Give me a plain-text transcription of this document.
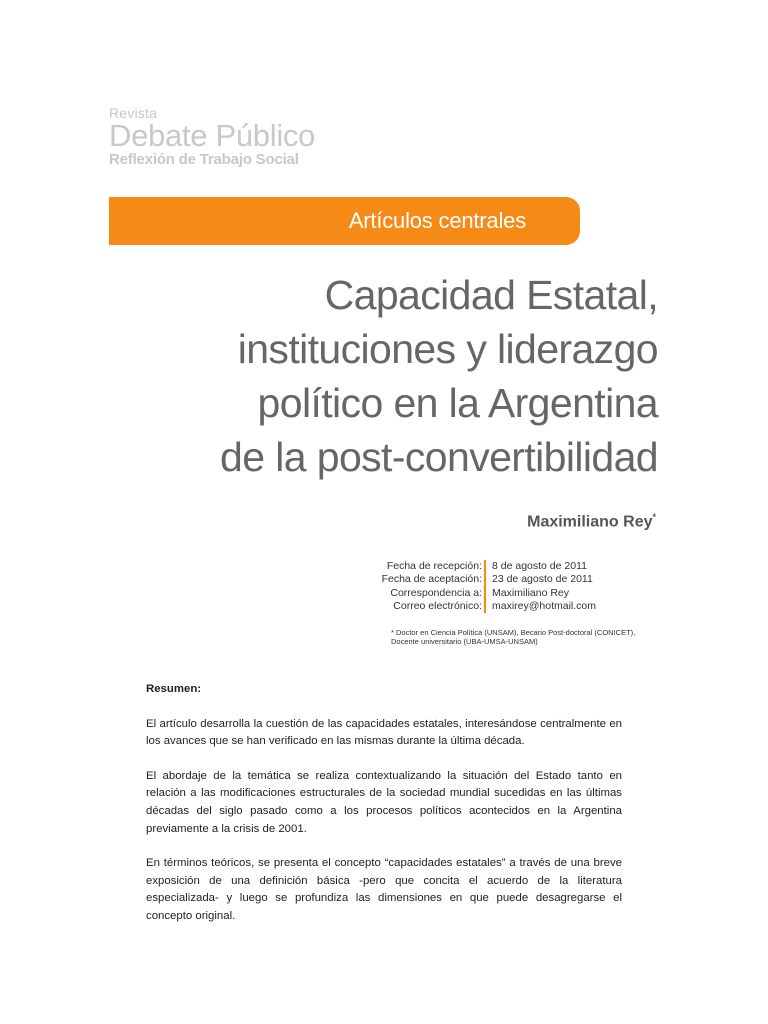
Revista
Debate Público
Reflexión de Trabajo Social
Artículos centrales
Capacidad Estatal,
instituciones y liderazgo
político en la Argentina
de la post-convertibilidad
Maximiliano Rey*
Fecha de recepción: 8 de agosto de 2011
Fecha de aceptación: 23 de agosto de 2011
Correspondencia a: Maximiliano Rey
Correo electrónico: maxirey@hotmail.com
* Doctor en Ciencia Política (UNSAM), Becario Post-doctoral (CONICET), Docente universitario (UBA-UMSA-UNSAM)
Resumen:

El artículo desarrolla la cuestión de las capacidades estatales, interesándose centralmente en los avances que se han verificado en las mismas durante la última década.

El abordaje de la temática se realiza contextualizando la situación del Estado tanto en relación a las modificaciones estructurales de la sociedad mundial sucedidas en las últimas décadas del siglo pasado como a los procesos políticos acontecidos en la Argentina previamente a la crisis de 2001.

En términos teóricos, se presenta el concepto “capacidades estatales” a través de una breve exposición de una definición básica -pero que concita el acuerdo de la literatura especializada- y luego se profundiza las dimensiones en que puede desagregarse el concepto original.
